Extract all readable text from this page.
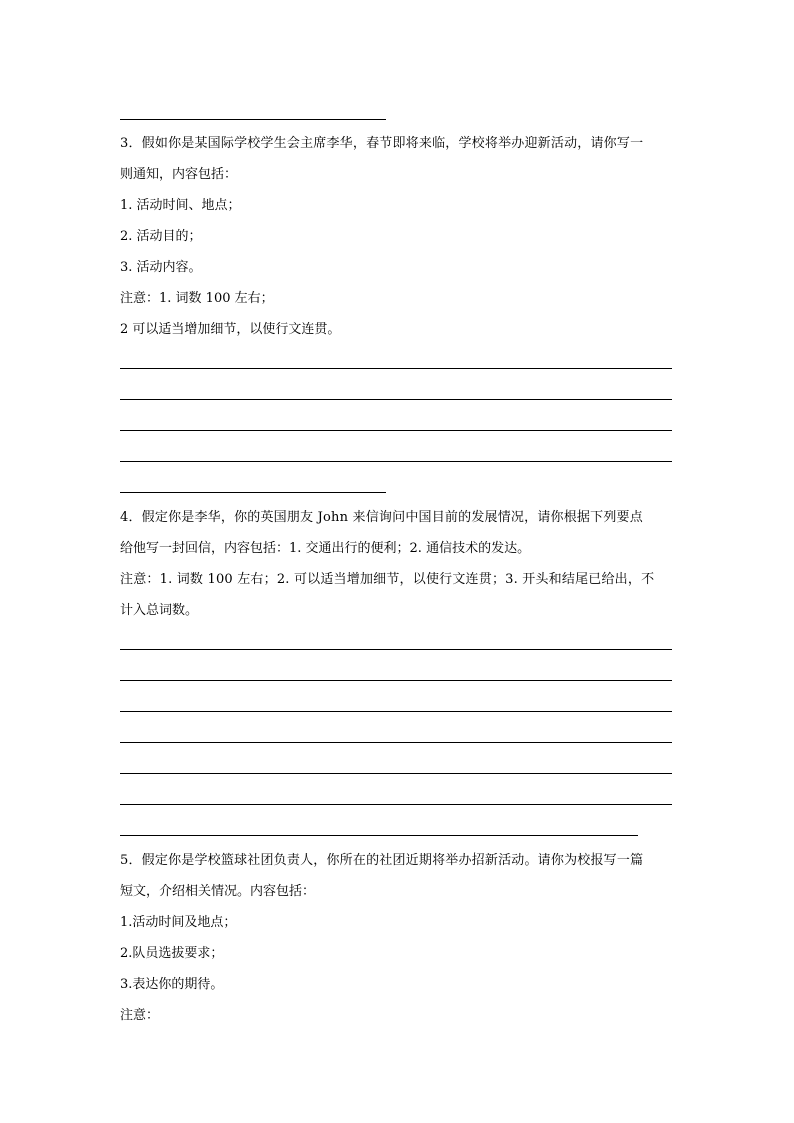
3．假如你是某国际学校学生会主席李华，春节即将来临，学校将举办迎新活动，请你写一
则通知，内容包括：
1. 活动时间、地点；
2. 活动目的；
3. 活动内容。
注意：1. 词数 100 左右；
2 可以适当增加细节，以使行文连贯。
4．假定你是李华，你的英国朋友 John 来信询问中国目前的发展情况，请你根据下列要点
给他写一封回信，内容包括：1. 交通出行的便利；2. 通信技术的发达。
注意：1. 词数 100 左右；2. 可以适当增加细节，以使行文连贯；3. 开头和结尾已给出，不
计入总词数。
5．假定你是学校篮球社团负责人，你所在的社团近期将举办招新活动。请你为校报写一篇
短文，介绍相关情况。内容包括：
1.活动时间及地点；
2.队员选拔要求；
3.表达你的期待。
注意：
